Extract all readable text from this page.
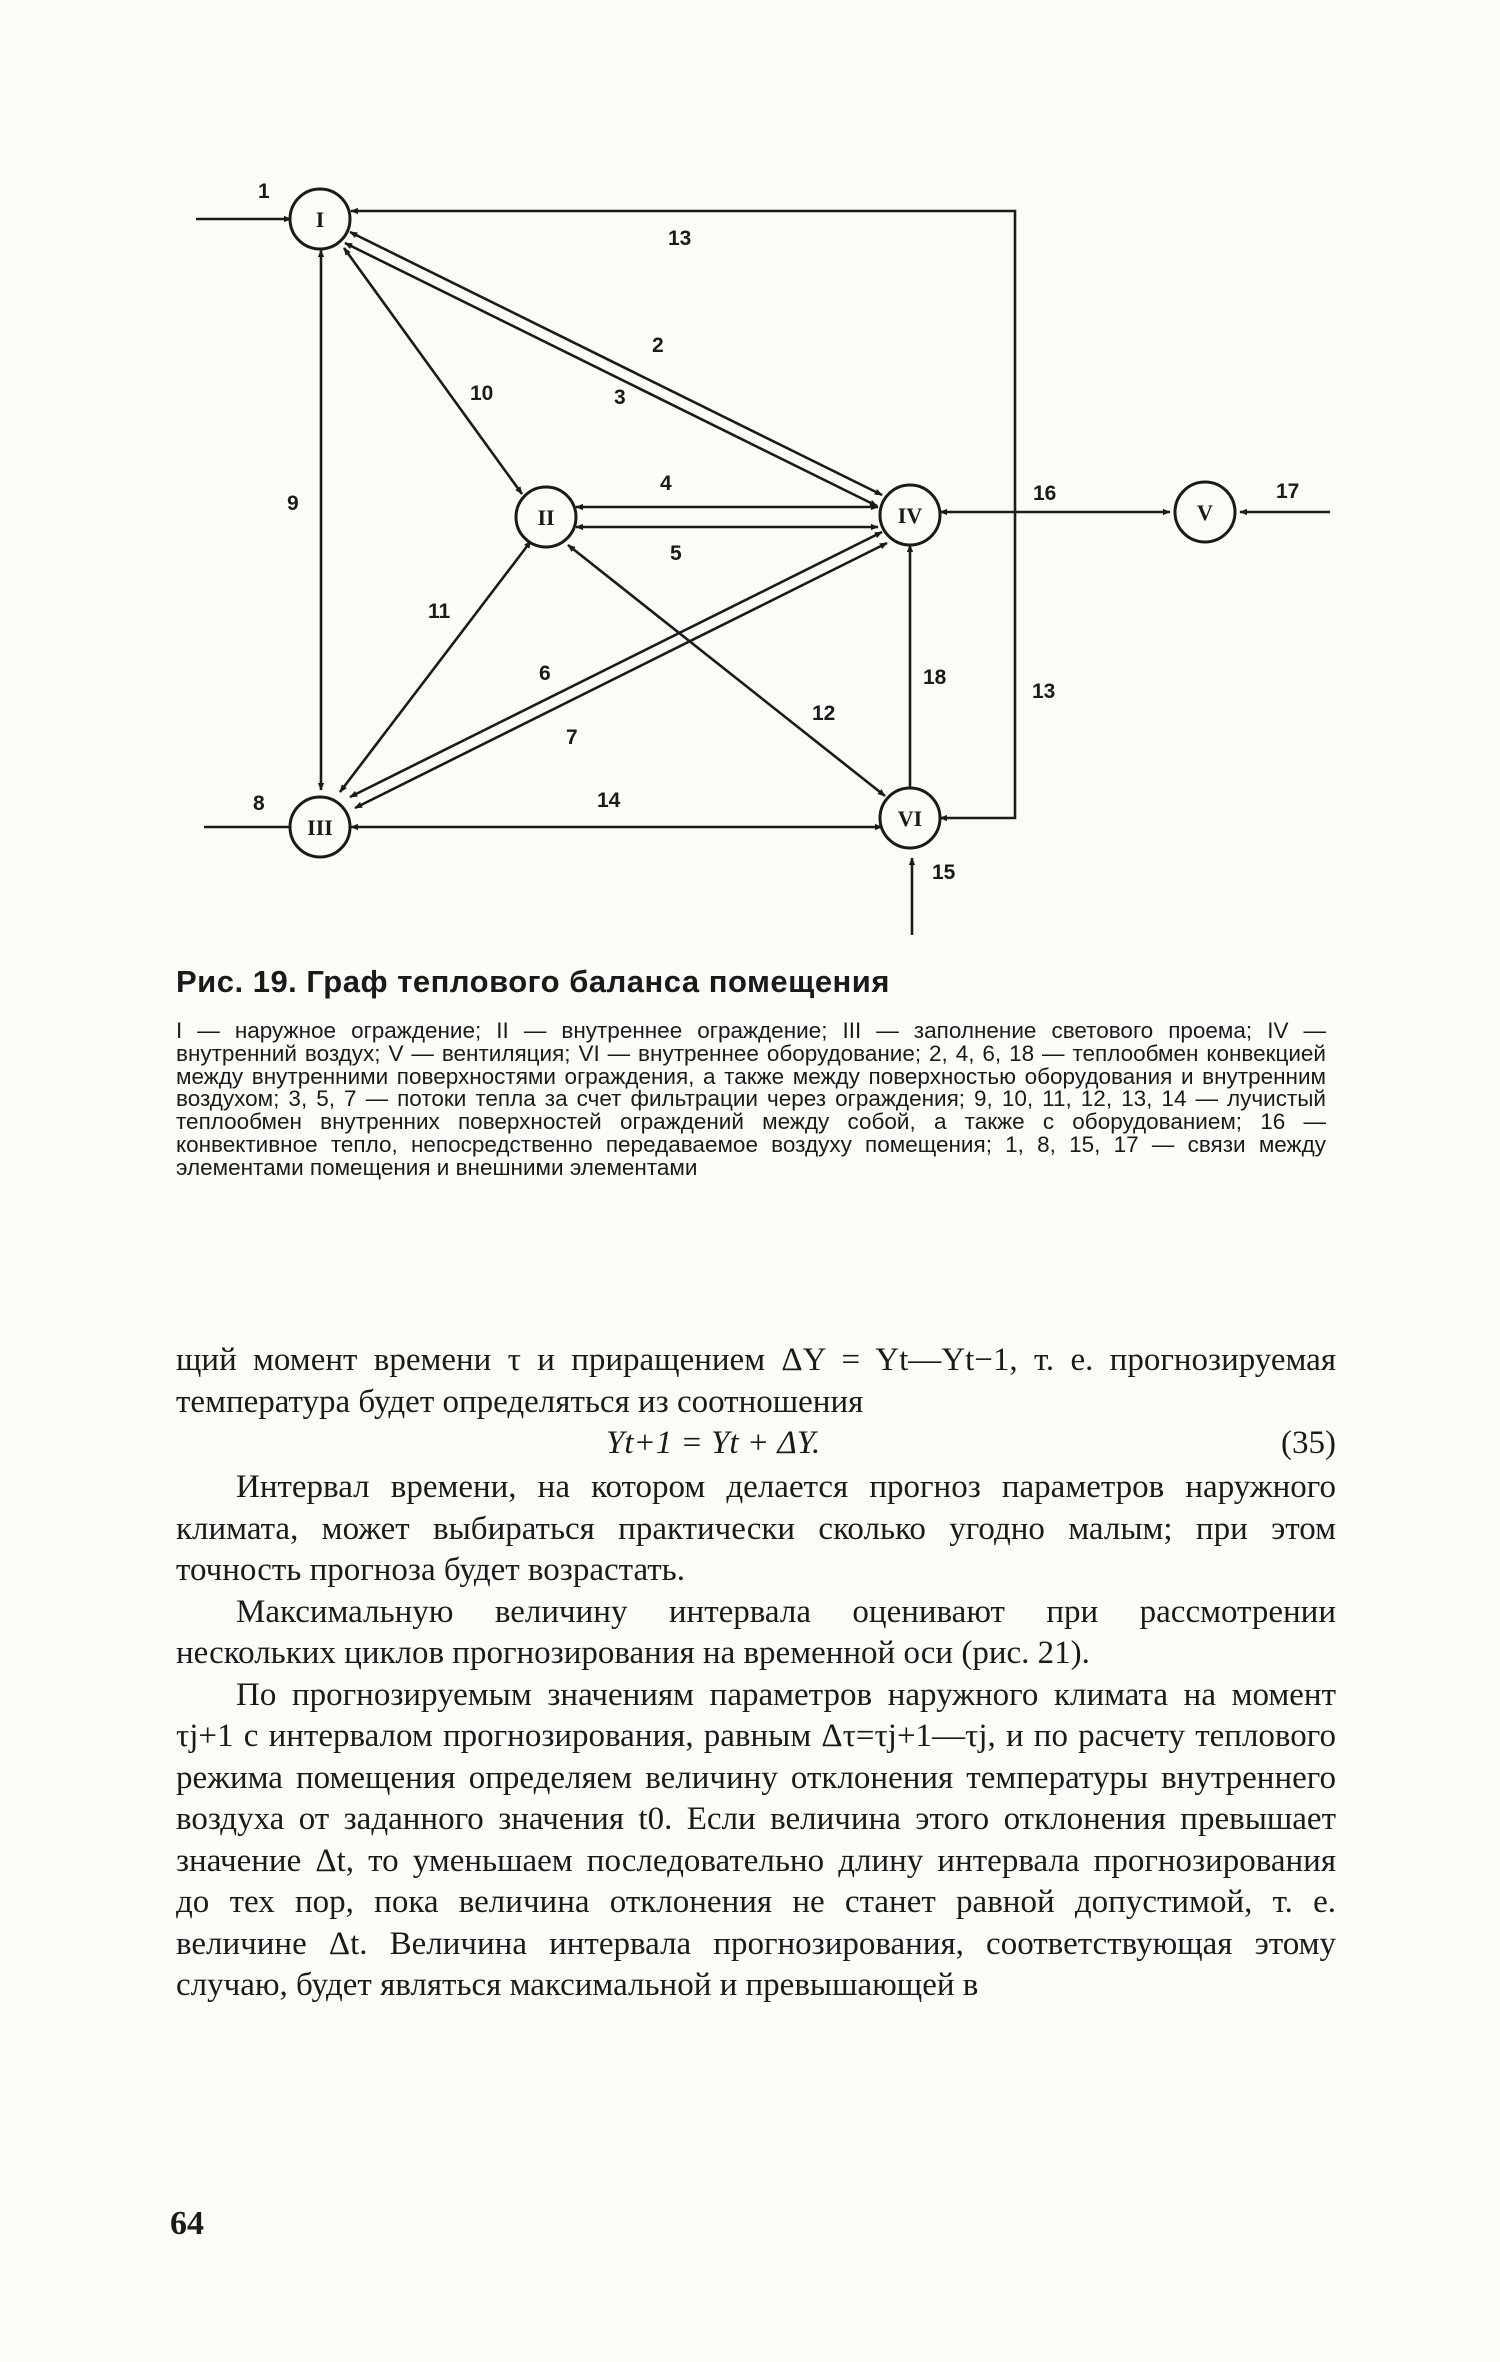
I
II
III
IV	V
VI
1
13
2
3
10
9
4
5
16	17
11
6	18
13
12
7
8	14
15
Рис. 19. Граф теплового баланса помещения
I — наружное ограждение; II — внутреннее ограждение; III — заполнение светового проема; IV — внутренний воздух; V — вентиляция; VI — внутреннее оборудование; 2, 4, 6, 18 — теплообмен конвекцией между внутренними поверхностями ограждения, а также между поверхностью оборудования и внутренним воздухом; 3, 5, 7 — потоки тепла за счет фильтрации через ограждения; 9, 10, 11, 12, 13, 14 — лучистый теплообмен внутренних поверхностей ограждений между собой, а также с оборудованием; 16 — конвективное тепло, непосредственно передаваемое воздуху помещения; 1, 8, 15, 17 — связи между элементами помещения и внешними элементами

щий момент времени τ и приращением ΔY = Yt—Yt−1, т. е. прогнозируемая температура будет определяться из соотношения

Yt+1 = Yt + ΔY.	(35)

Интервал времени, на котором делается прогноз параметров наружного климата, может выбираться практически сколько угодно малым; при этом точность прогноза будет возрастать.

Максимальную величину интервала оценивают при рассмотрении нескольких циклов прогнозирования на временной оси (рис. 21).

По прогнозируемым значениям параметров наружного климата на момент τj+1 с интервалом прогнозирования, равным Δτ=τj+1—τj, и по расчету теплового режима помещения определяем величину отклонения температуры внутреннего воздуха от заданного значения t0. Если величина этого отклонения превышает значение Δt, то уменьшаем последовательно длину интервала прогнозирования до тех пор, пока величина отклонения не станет равной допустимой, т. е. величине Δt. Величина интервала прогнозирования, соответствующая этому случаю, будет являться максимальной и превышающей в

64
